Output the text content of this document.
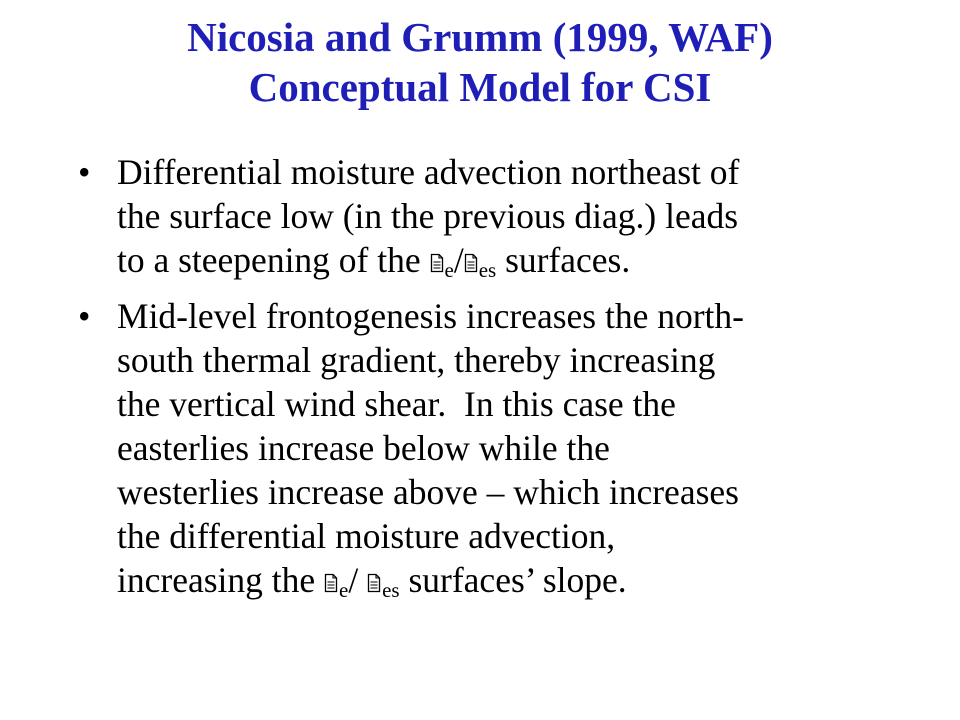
Nicosia and Grumm (1999, WAF)
Conceptual Model for CSI
• Differential moisture advection northeast of
the surface low (in the previous diag.) leads
to a steepening of the
$_e$/ $_{es}$ surfaces.
• Mid-level frontogenesis increases the north-
south thermal gradient, thereby increasing
the vertical wind shear.  In this case the
easterlies increase below while the
westerlies increase above – which increases
the differential moisture advection,
increasing the
$_e$/
$_{es}$ surfaces’ slope.
